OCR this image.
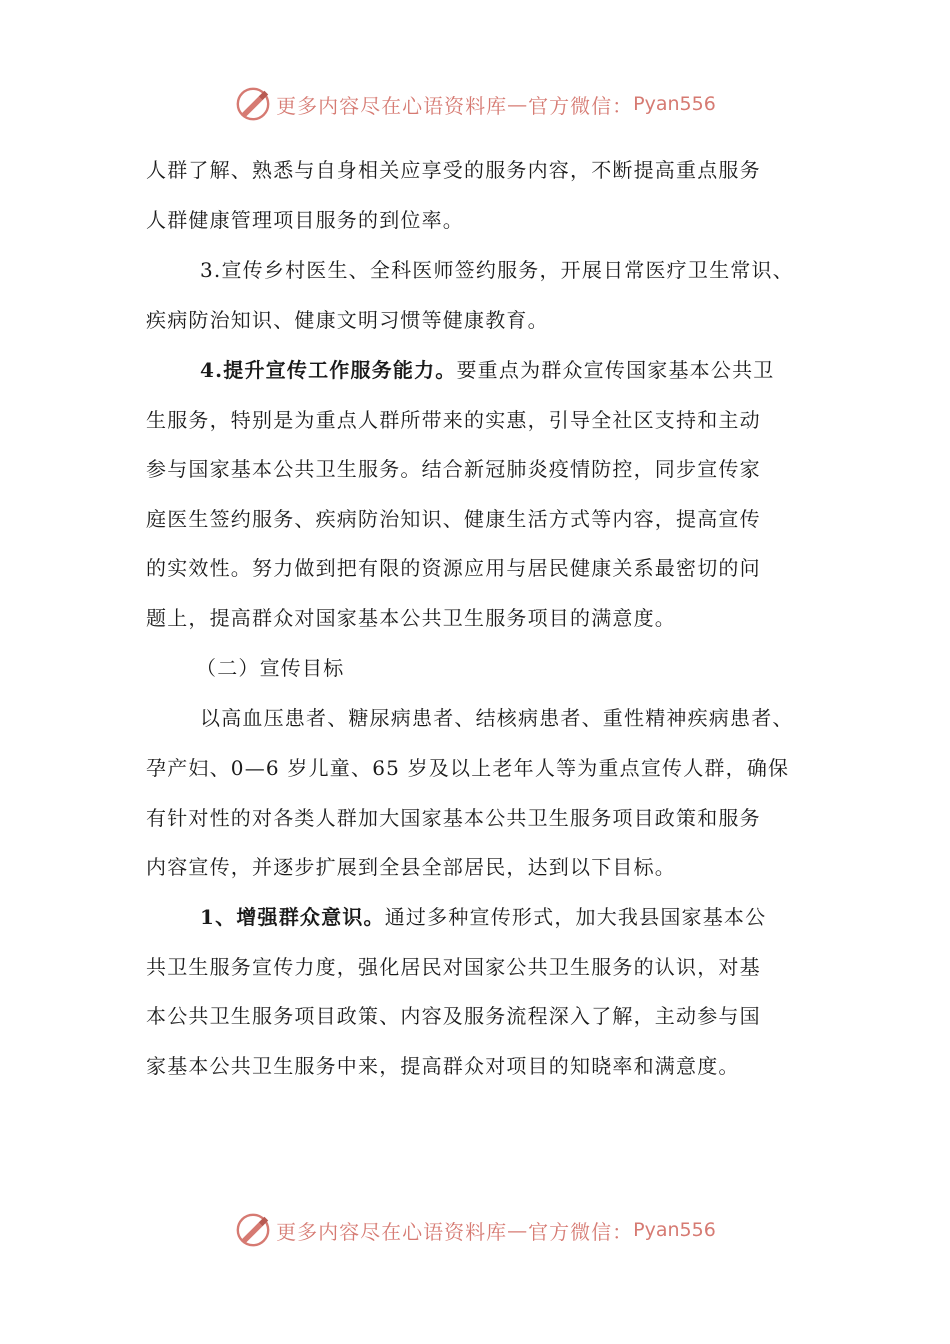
更多内容尽在心语资料库 — 官方微信： Pyan556
人群了解、熟悉与自身相关应享受的服务内容，不断提高重点服务
人群健康管理项目服务的到位率。
3.宣传乡村医生、全科医师签约服务，开展日常医疗卫生常识、
疾病防治知识、健康文明习惯等健康教育。
4.提升宣传工作服务能力。要重点为群众宣传国家基本公共卫
生服务，特别是为重点人群所带来的实惠，引导全社区支持和主动
参与国家基本公共卫生服务。结合新冠肺炎疫情防控，同步宣传家
庭医生签约服务、疾病防治知识、健康生活方式等内容，提高宣传
的实效性。努力做到把有限的资源应用与居民健康关系最密切的问
题上，提高群众对国家基本公共卫生服务项目的满意度。
（二）宣传目标
以高血压患者、糖尿病患者、结核病患者、重性精神疾病患者、
孕产妇、0—6 岁儿童、65 岁及以上老年人等为重点宣传人群，确保
有针对性的对各类人群加大国家基本公共卫生服务项目政策和服务
内容宣传，并逐步扩展到全县全部居民，达到以下目标。
1、增强群众意识。通过多种宣传形式，加大我县国家基本公
共卫生服务宣传力度，强化居民对国家公共卫生服务的认识，对基
本公共卫生服务项目政策、内容及服务流程深入了解，主动参与国
家基本公共卫生服务中来，提高群众对项目的知晓率和满意度。
更多内容尽在心语资料库 — 官方微信： Pyan556
